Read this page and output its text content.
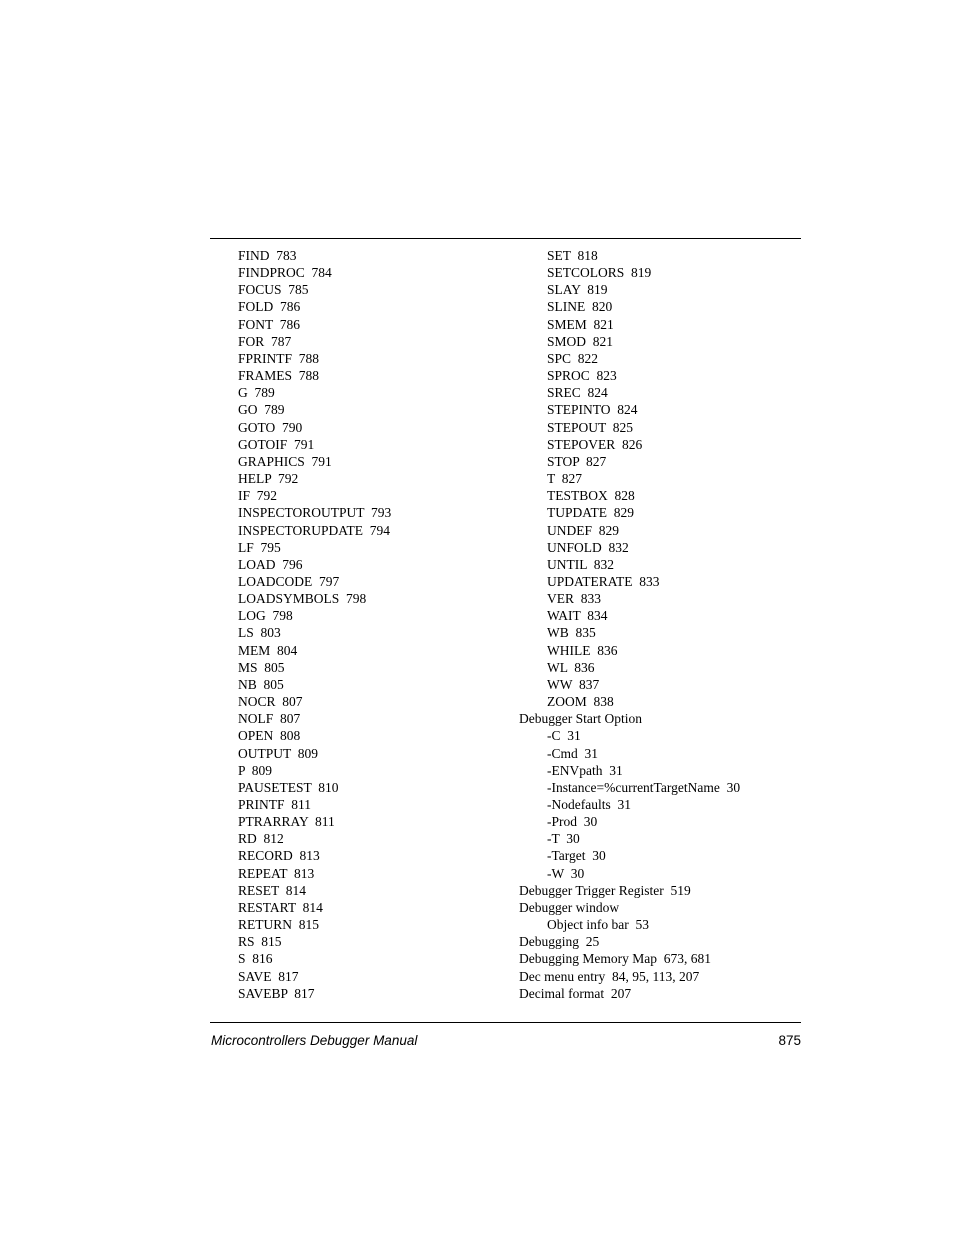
FIND  783
FINDPROC  784
FOCUS  785
FOLD  786
FONT  786
FOR  787
FPRINTF  788
FRAMES  788
G  789
GO  789
GOTO  790
GOTOIF  791
GRAPHICS  791
HELP  792
IF  792
INSPECTOROUTPUT  793
INSPECTORUPDATE  794
LF  795
LOAD  796
LOADCODE  797
LOADSYMBOLS  798
LOG  798
LS  803
MEM  804
MS  805
NB  805
NOCR  807
NOLF  807
OPEN  808
OUTPUT  809
P  809
PAUSETEST  810
PRINTF  811
PTRARRAY  811
RD  812
RECORD  813
REPEAT  813
RESET  814
RESTART  814
RETURN  815
RS  815
S  816
SAVE  817
SAVEBP  817
SET  818
SETCOLORS  819
SLAY  819
SLINE  820
SMEM  821
SMOD  821
SPC  822
SPROC  823
SREC  824
STEPINTO  824
STEPOUT  825
STEPOVER  826
STOP  827
T  827
TESTBOX  828
TUPDATE  829
UNDEF  829
UNFOLD  832
UNTIL  832
UPDATERATE  833
VER  833
WAIT  834
WB  835
WHILE  836
WL  836
WW  837
ZOOM  838
Debugger Start Option
-C  31
-Cmd  31
-ENVpath  31
-Instance=%currentTargetName  30
-Nodefaults  31
-Prod  30
-T  30
-Target  30
-W  30
Debugger Trigger Register  519
Debugger window
Object info bar  53
Debugging  25
Debugging Memory Map  673, 681
Dec menu entry  84, 95, 113, 207
Decimal format  207
Microcontrollers Debugger Manual	875
